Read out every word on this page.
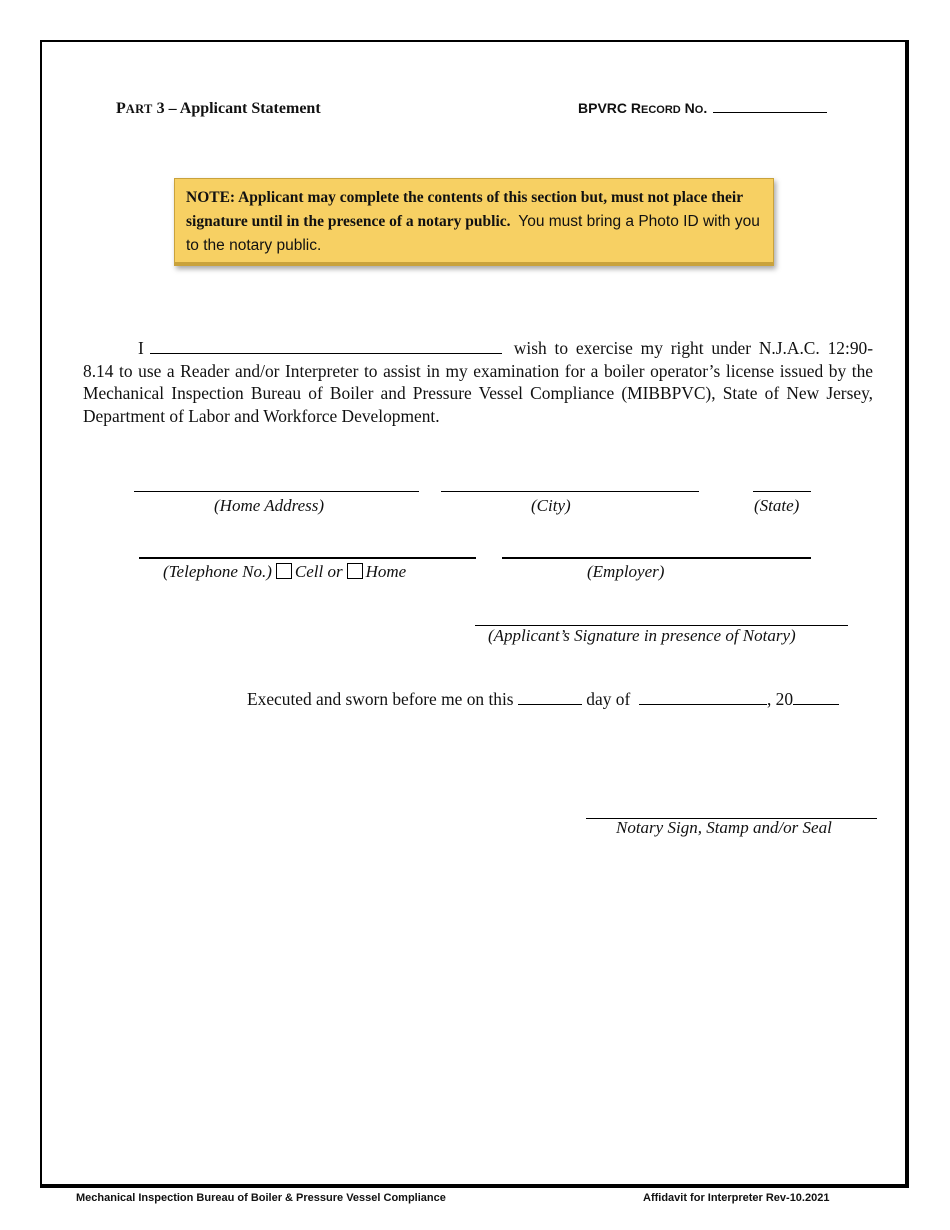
PART 3 – Applicant Statement	BPVRC RECORD NO.
NOTE: Applicant may complete the contents of this section but, must not place their signature until in the presence of a notary public. You must bring a Photo ID with you to the notary public.
I	wish to exercise my right under N.J.A.C. 12:90-8.14 to use a Reader and/or Interpreter to assist in my examination for a boiler operator’s license issued by the Mechanical Inspection Bureau of Boiler and Pressure Vessel Compliance (MIBBPVC), State of New Jersey, Department of Labor and Workforce Development.
(Home Address)	(City)	(State)
(Telephone No.) Cell or Home	(Employer)
(Applicant’s Signature in presence of Notary)
Executed and sworn before me on this	day of	, 20
Notary Sign, Stamp and/or Seal
Mechanical Inspection Bureau of Boiler & Pressure Vessel Compliance	Affidavit for Interpreter Rev-10.2021
